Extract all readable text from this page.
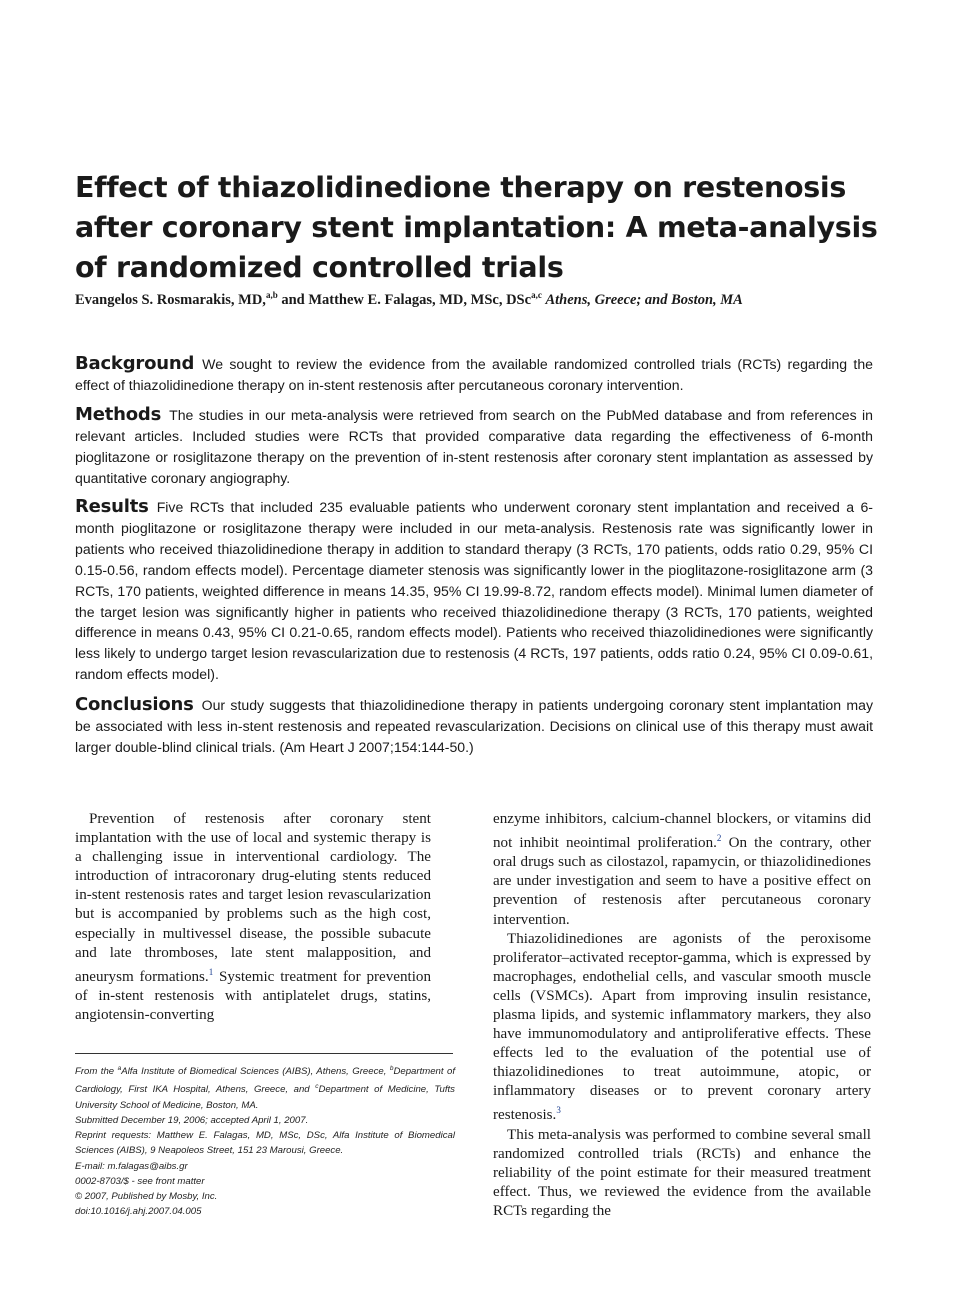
Effect of thiazolidinedione therapy on restenosis
after coronary stent implantation: A meta-analysis
of randomized controlled trials
Evangelos S. Rosmarakis, MD,$^{a,b}$ and Matthew E. Falagas, MD, MSc, DSc$^{a,c}$ Athens, Greece; and Boston, MA
Background We sought to review the evidence from the available randomized controlled trials (RCTs) regarding the effect of thiazolidinedione therapy on in-stent restenosis after percutaneous coronary intervention.
Methods The studies in our meta-analysis were retrieved from search on the PubMed database and from references in relevant articles. Included studies were RCTs that provided comparative data regarding the effectiveness of 6-month pioglitazone or rosiglitazone therapy on the prevention of in-stent restenosis after coronary stent implantation as assessed by quantitative coronary angiography.
Results Five RCTs that included 235 evaluable patients who underwent coronary stent implantation and received a 6-month pioglitazone or rosiglitazone therapy were included in our meta-analysis. Restenosis rate was significantly lower in patients who received thiazolidinedione therapy in addition to standard therapy (3 RCTs, 170 patients, odds ratio 0.29, 95% CI 0.15-0.56, random effects model). Percentage diameter stenosis was significantly lower in the pioglitazone-rosiglitazone arm (3 RCTs, 170 patients, weighted difference in means 14.35, 95% CI 19.99-8.72, random effects model). Minimal lumen diameter of the target lesion was significantly higher in patients who received thiazolidinedione therapy (3 RCTs, 170 patients, weighted difference in means 0.43, 95% CI 0.21-0.65, random effects model). Patients who received thiazolidinediones were significantly less likely to undergo target lesion revascularization due to restenosis (4 RCTs, 197 patients, odds ratio 0.24, 95% CI 0.09-0.61, random effects model).
Conclusions Our study suggests that thiazolidinedione therapy in patients undergoing coronary stent implantation may be associated with less in-stent restenosis and repeated revascularization. Decisions on clinical use of this therapy must await larger double-blind clinical trials. (Am Heart J 2007;154:144-50.)

Prevention of restenosis after coronary stent implantation with the use of local and systemic therapy is a challenging issue in interventional cardiology. The introduction of intracoronary drug-eluting stents reduced in-stent restenosis rates and target lesion revascularization but is accompanied by problems such as the high cost, especially in multivessel disease, the possible subacute and late thromboses, late stent malapposition, and aneurysm formations.$^1$ Systemic treatment for prevention of in-stent restenosis with antiplatelet drugs, statins, angiotensin-converting

enzyme inhibitors, calcium-channel blockers, or vitamins did not inhibit neointimal proliferation.$^2$ On the contrary, other oral drugs such as cilostazol, rapamycin, or thiazolidinediones are under investigation and seem to have a positive effect on prevention of restenosis after percutaneous coronary intervention.

Thiazolidinediones are agonists of the peroxisome proliferator–activated receptor-gamma, which is expressed by macrophages, endothelial cells, and vascular smooth muscle cells (VSMCs). Apart from improving insulin resistance, plasma lipids, and systemic inflammatory markers, they also have immunomodulatory and antiproliferative effects. These effects led to the evaluation of the potential use of thiazolidinediones to treat autoimmune, atopic, or inflammatory diseases or to prevent coronary artery restenosis.$^3$

This meta-analysis was performed to combine several small randomized controlled trials (RCTs) and enhance the reliability of the point estimate for their measured treatment effect. Thus, we reviewed the evidence from the available RCTs regarding the

From the $^a$Alfa Institute of Biomedical Sciences (AIBS), Athens, Greece, $^b$Department of Cardiology, First IKA Hospital, Athens, Greece, and $^c$Department of Medicine, Tufts University School of Medicine, Boston, MA.

Submitted December 19, 2006; accepted April 1, 2007.

Reprint requests: Matthew E. Falagas, MD, MSc, DSc, Alfa Institute of Biomedical Sciences (AIBS), 9 Neapoleos Street, 151 23 Marousi, Greece.

E-mail: m.falagas@aibs.gr

0002-8703/$ - see front matter

© 2007, Published by Mosby, Inc.

doi:10.1016/j.ahj.2007.04.005
